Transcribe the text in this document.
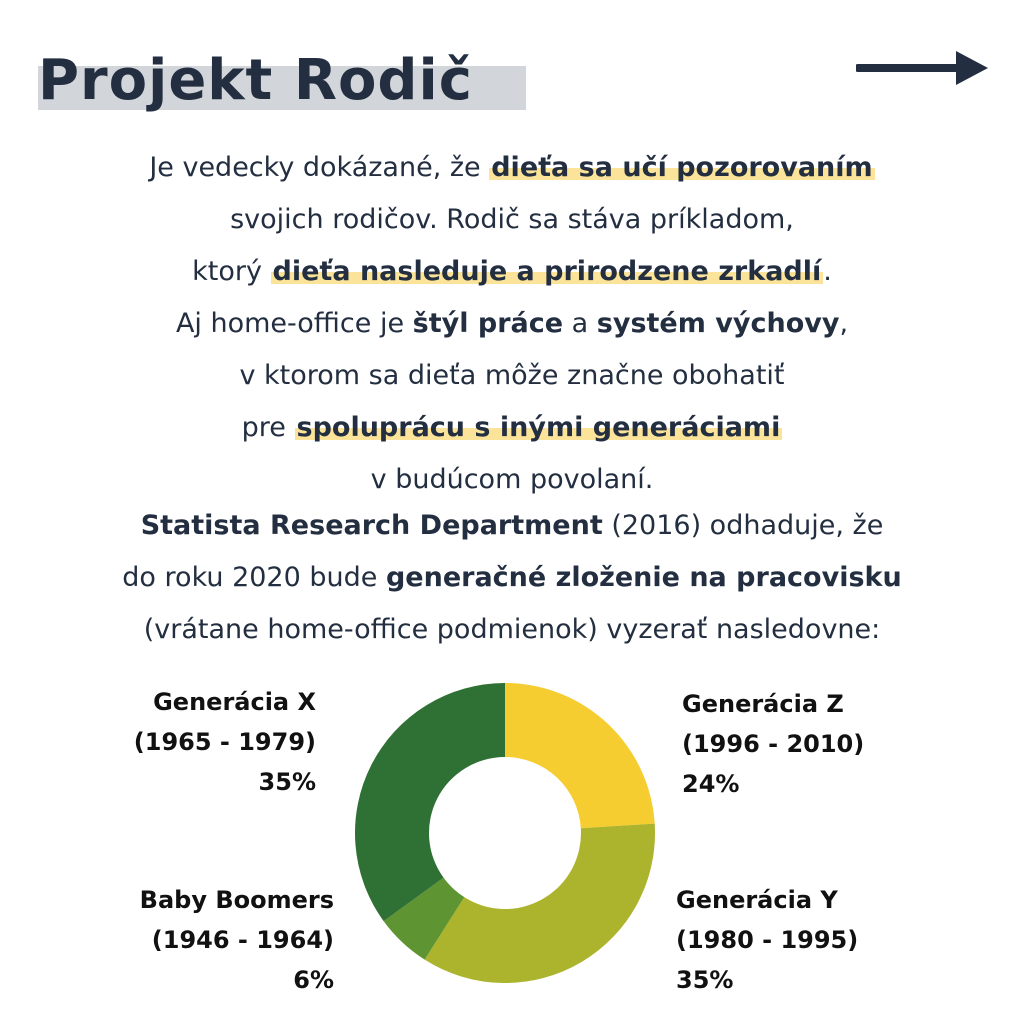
Projekt Rodič
Je vedecky dokázané, že dieťa sa učí pozorovaním
svojich rodičov. Rodič sa stáva príkladom,
ktorý dieťa nasleduje a prirodzene zrkadlí.
Aj home-office je štýl práce a systém výchovy,
v ktorom sa dieťa môže značne obohatiť
pre spoluprácu s inými generáciami
v budúcom povolaní.
Statista Research Department (2016) odhaduje, že
do roku 2020 bude generačné zloženie na pracovisku
(vrátane home-office podmienok) vyzerať nasledovne:
Generácia X
(1965 - 1979)
35%
Baby Boomers
(1946 - 1964)
6%
Generácia Z
(1996 - 2010)
24%
Generácia Y
(1980 - 1995)
35%
